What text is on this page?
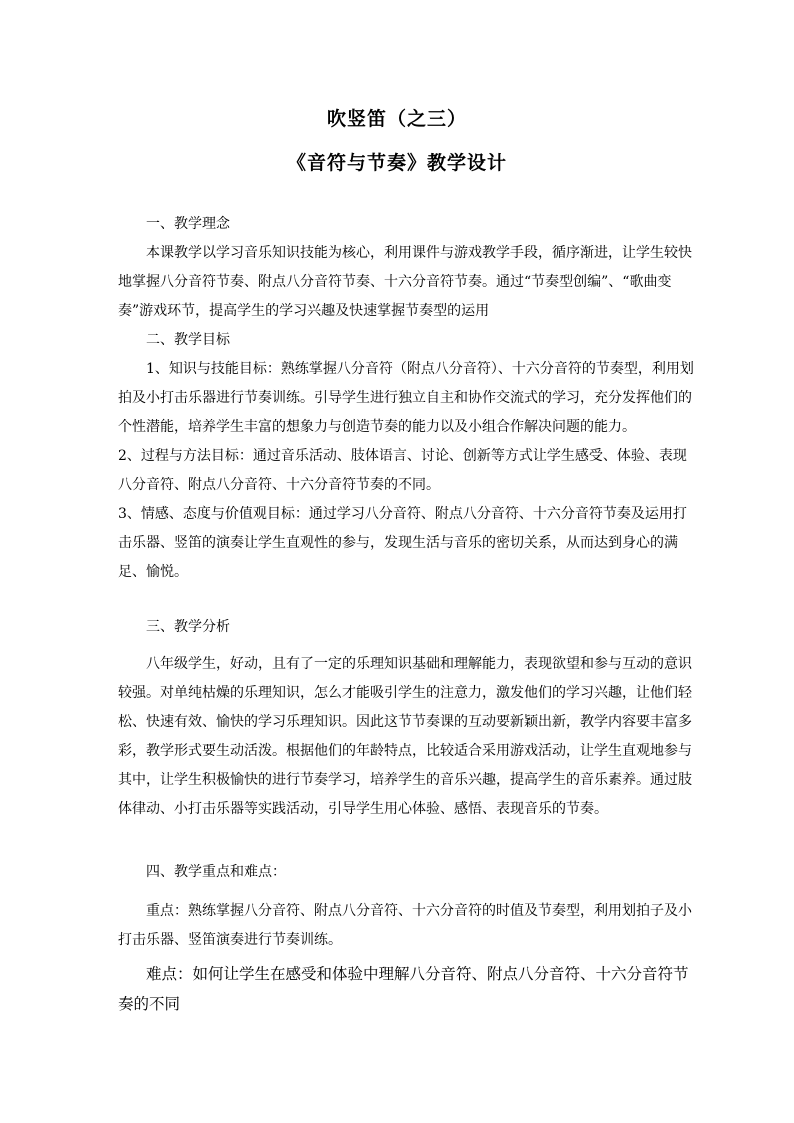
吹竖笛（之三）
《音符与节奏》教学设计

一、教学理念

本课教学以学习音乐知识技能为核心，利用课件与游戏教学手段，循序渐进，让学生较快地掌握八分音符节奏、附点八分音符节奏、十六分音符节奏。通过“节奏型创编”、“歌曲变奏”游戏环节，提高学生的学习兴趣及快速掌握节奏型的运用

二、教学目标

1、知识与技能目标：熟练掌握八分音符（附点八分音符）、十六分音符的节奏型，利用划拍及小打击乐器进行节奏训练。引导学生进行独立自主和协作交流式的学习，充分发挥他们的个性潜能，培养学生丰富的想象力与创造节奏的能力以及小组合作解决问题的能力。

2、过程与方法目标：通过音乐活动、肢体语言、讨论、创新等方式让学生感受、体验、表现八分音符、附点八分音符、十六分音符节奏的不同。

3、情感、态度与价值观目标：通过学习八分音符、附点八分音符、十六分音符节奏及运用打击乐器、竖笛的演奏让学生直观性的参与，发现生活与音乐的密切关系，从而达到身心的满足、愉悦。

三、教学分析

八年级学生，好动，且有了一定的乐理知识基础和理解能力，表现欲望和参与互动的意识较强。对单纯枯燥的乐理知识，怎么才能吸引学生的注意力，激发他们的学习兴趣，让他们轻松、快速有效、愉快的学习乐理知识。因此这节节奏课的互动要新颖出新，教学内容要丰富多彩，教学形式要生动活泼。根据他们的年龄特点，比较适合采用游戏活动，让学生直观地参与其中，让学生积极愉快的进行节奏学习，培养学生的音乐兴趣，提高学生的音乐素养。通过肢体律动、小打击乐器等实践活动，引导学生用心体验、感悟、表现音乐的节奏。

四、教学重点和难点：

重点：熟练掌握八分音符、附点八分音符、十六分音符的时值及节奏型，利用划拍子及小打击乐器、竖笛演奏进行节奏训练。

难点：如何让学生在感受和体验中理解八分音符、附点八分音符、十六分音符节奏的不同
